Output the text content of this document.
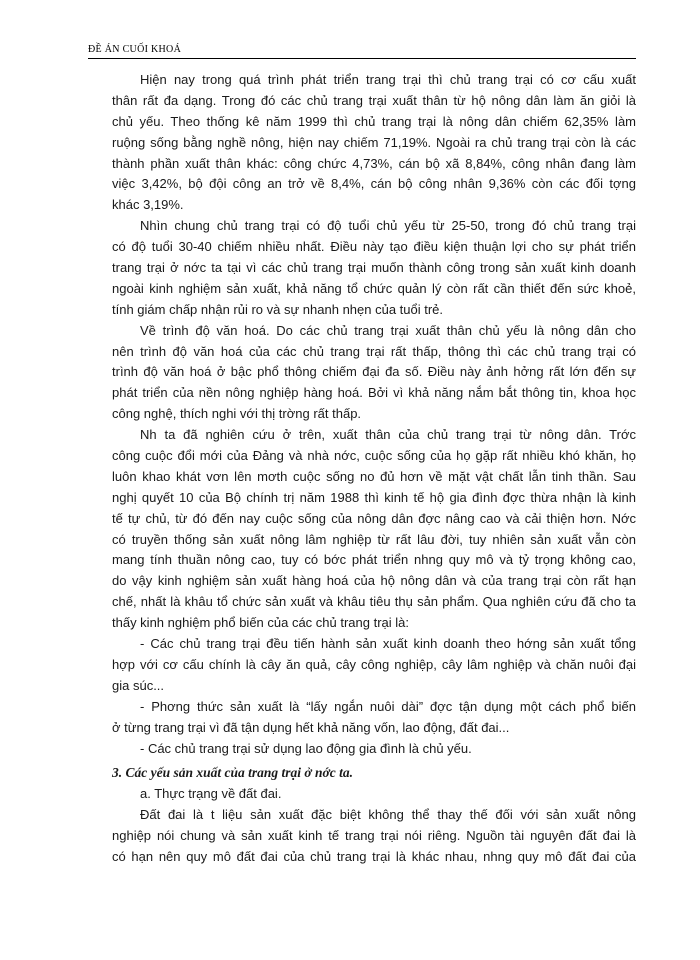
ĐỀ ÁN CUỐI KHOÁ
Hiện nay trong quá trình phát triển trang trại thì chủ trang trại có cơ cấu xuất
thân rất đa dạng. Trong đó các chủ trang trại xuất thân từ hộ nông dân làm ăn giỏi là
chủ yếu. Theo thống kê năm 1999 thì chủ trang trại là nông dân chiếm 62,35% làm
ruộng sống bằng nghề nông, hiện nay chiếm 71,19%. Ngoài ra chủ trang trại còn là các
thành phần xuất thân khác: công chức 4,73%, cán bộ xã 8,84%, công nhân đang làm
việc 3,42%, bộ đội công an trở về 8,4%, cán bộ công nhân 9,36% còn các đối tợng
khác 3,19%.
Nhìn chung chủ trang trại có độ tuổi chủ yếu từ 25-50, trong đó chủ trang trại
có độ tuổi 30-40 chiếm nhiều nhất. Điều này tạo điều kiện thuận lợi cho sự phát triển
trang trại ở nớc ta tại vì các chủ trang trại muốn thành công trong sản xuất kinh doanh
ngoài kinh nghiệm sản xuất, khả năng tổ chức quản lý còn rất cần thiết đến sức khoẻ,
tính giám chấp nhận rủi ro và sự nhanh nhẹn của tuổi trẻ.
Về trình độ văn hoá. Do các chủ trang trại xuất thân chủ yếu là nông dân cho
nên trình độ văn hoá của các chủ trang trại rất thấp, thông thì các chủ trang trại có
trình độ văn hoá ở bậc phổ thông chiếm đại đa số. Điều này ảnh hởng rất lớn đến sự
phát triển của nền nông nghiệp hàng hoá. Bởi vì khả năng nắm bắt thông tin, khoa học
công nghệ, thích nghi với thị trờng rất thấp.
Nh ta đã nghiên cứu ở trên, xuất thân của chủ trang trại từ nông dân. Trớc
công cuộc đổi mới của Đảng và nhà nớc, cuộc sống của họ gặp rất nhiều khó khăn, họ
luôn khao khát vơn lên mơth cuộc sống no đủ hơn về mặt vật chất lẫn tinh thần. Sau
nghị quyết 10 của Bộ chính trị năm 1988 thì kinh tế hộ gia đình đợc thừa nhận là kinh
tế tự chủ, từ đó đến nay cuộc sống của nông dân đợc nâng cao và cải thiện hơn. Nớc
có truyền thống sản xuất nông lâm nghiệp từ rất lâu đời, tuy nhiên sản xuất vẫn còn
mang tính thuần nông cao, tuy có bớc phát triển nhng quy mô và tỷ trọng không cao,
do vậy kinh nghiệm sản xuất hàng hoá của hộ nông dân và của trang trại còn rất hạn
chế, nhất là khâu tổ chức sản xuất và khâu tiêu thụ sản phẩm. Qua nghiên cứu đã cho ta
thấy kinh nghiệm phổ biến của các chủ trang trại là:
- Các chủ trang trại đều tiến hành sản xuất kinh doanh theo hớng sản xuất tổng
hợp với cơ cấu chính là cây ăn quả, cây công nghiệp, cây lâm nghiệp và chăn nuôi đại
gia súc...
- Phơng thức sản xuất là “lấy ngắn nuôi dài” đợc tận dụng một cách phổ biến
ở từng trang trại vì đã tận dụng hết khả năng vốn, lao động, đất đai...
- Các chủ trang trại sử dụng lao động gia đình là chủ yếu.
3. Các yếu sản xuất của trang trại ở nớc ta.
a. Thực trạng về đất đai.
Đất đai là t liệu sản xuất đặc biệt không thể thay thế đối với sản xuất nông
nghiệp nói chung và sản xuất kinh tế trang trại nói riêng. Nguồn tài nguyên đất đai là
có hạn nên quy mô đất đai của chủ trang trại là khác nhau, nhng quy mô đất đai của
